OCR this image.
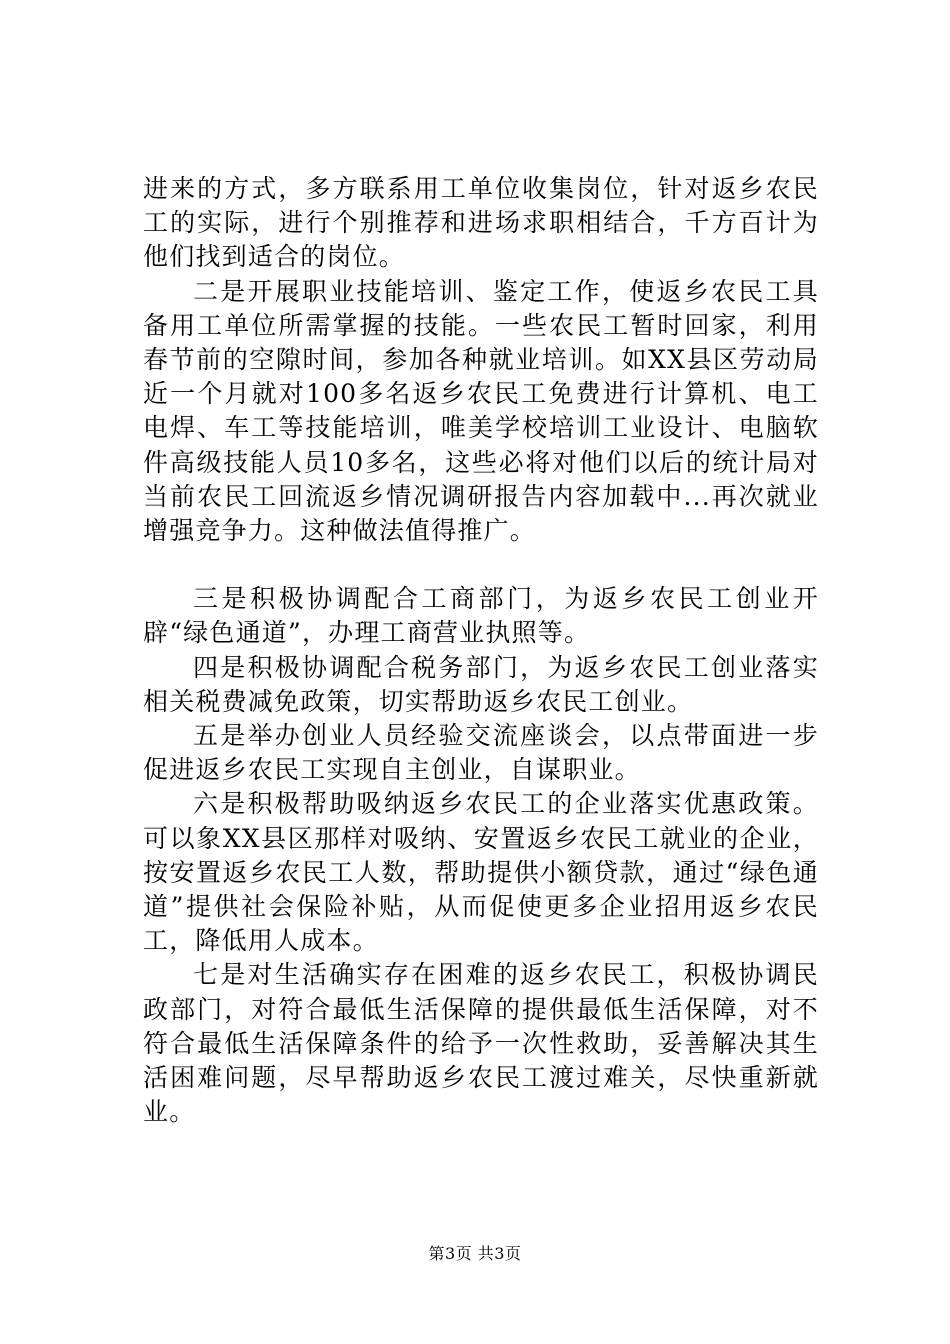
进来的方式，多方联系用工单位收集岗位，针对返乡农民工的实际，进行个别推荐和进场求职相结合，千方百计为他们找到适合的岗位。

二是开展职业技能培训、鉴定工作，使返乡农民工具备用工单位所需掌握的技能。一些农民工暂时回家，利用春节前的空隙时间，参加各种就业培训。如XX县区劳动局近一个月就对100多名返乡农民工免费进行计算机、电工电焊、车工等技能培训，唯美学校培训工业设计、电脑软件高级技能人员10多名，这些必将对他们以后的统计局对当前农民工回流返乡情况调研报告内容加载中...再次就业增强竞争力。这种做法值得推广。

三是积极协调配合工商部门，为返乡农民工创业开辟“绿色通道”，办理工商营业执照等。

四是积极协调配合税务部门，为返乡农民工创业落实相关税费减免政策，切实帮助返乡农民工创业。

五是举办创业人员经验交流座谈会，以点带面进一步促进返乡农民工实现自主创业，自谋职业。

六是积极帮助吸纳返乡农民工的企业落实优惠政策。可以象XX县区那样对吸纳、安置返乡农民工就业的企业，按安置返乡农民工人数，帮助提供小额贷款，通过“绿色通道”提供社会保险补贴，从而促使更多企业招用返乡农民工，降低用人成本。

七是对生活确实存在困难的返乡农民工，积极协调民政部门，对符合最低生活保障的提供最低生活保障，对不符合最低生活保障条件的给予一次性救助，妥善解决其生活困难问题，尽早帮助返乡农民工渡过难关，尽快重新就业。

第3页 共3页
